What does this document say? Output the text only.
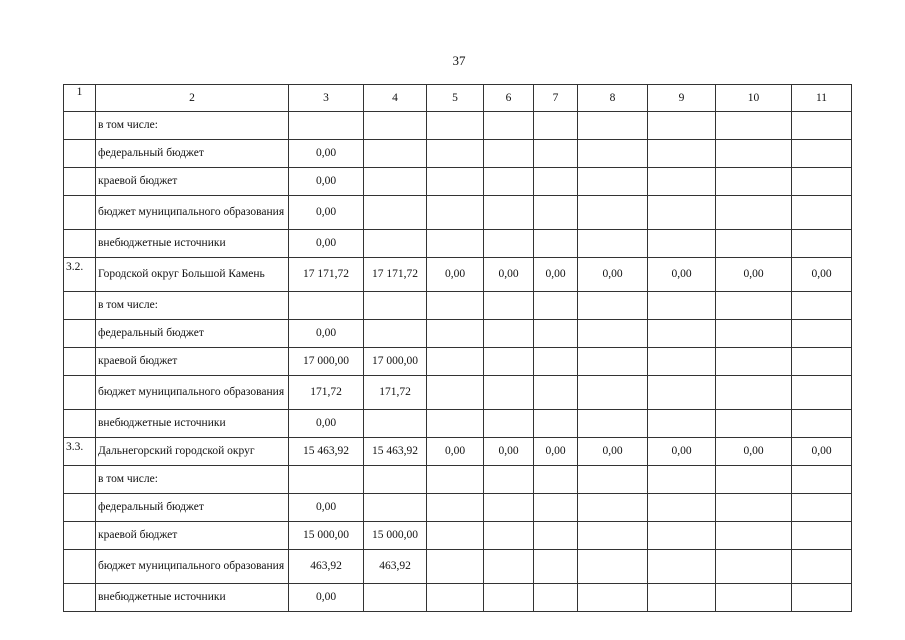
37
1	2	3	4	5	6	7	8	9	10	11
	в том числе:									
	федеральный бюджет	0,00								
	краевой бюджет	0,00								
	бюджет муниципального образования	0,00								
	внебюджетные источники	0,00								
3.2.	Городской округ Большой Камень	17 171,72	17 171,72	0,00	0,00	0,00	0,00	0,00	0,00	0,00
	в том числе:									
	федеральный бюджет	0,00								
	краевой бюджет	17 000,00	17 000,00							
	бюджет муниципального образования	171,72	171,72							
	внебюджетные источники	0,00								
3.3.	Дальнегорский городской округ	15 463,92	15 463,92	0,00	0,00	0,00	0,00	0,00	0,00	0,00
	в том числе:									
	федеральный бюджет	0,00								
	краевой бюджет	15 000,00	15 000,00							
	бюджет муниципального образования	463,92	463,92							
	внебюджетные источники	0,00								
